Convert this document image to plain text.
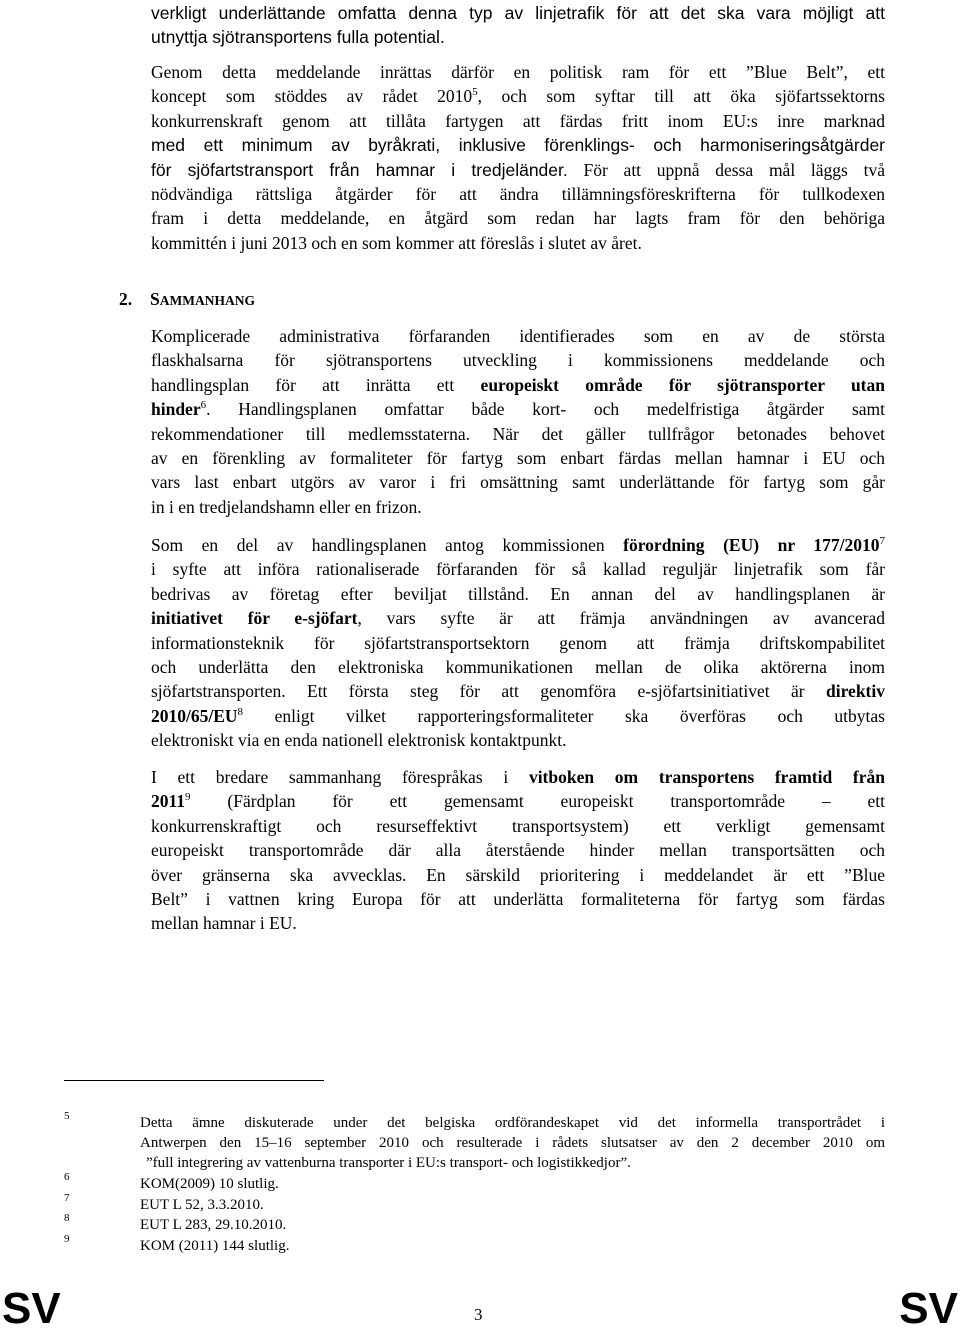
verkligt underlättande omfatta denna typ av linjetrafik för att det ska vara möjligt att
utnyttja sjötransportens fulla potential.
Genom detta meddelande inrättas därför en politisk ram för ett ”Blue Belt”, ett
koncept som stöddes av rådet 2010$^5$, och som syftar till att öka sjöfartssektorns
konkurrenskraft genom att tillåta fartygen att färdas fritt inom EU:s inre marknad
med ett minimum av byråkrati, inklusive förenklings- och harmoniseringsåtgärder
för sjöfartstransport från hamnar i tredjeländer. För att uppnå dessa mål läggs två
nödvändiga rättsliga åtgärder för att ändra tillämningsföreskrifterna för tullkodexen
fram i detta meddelande, en åtgärd som redan har lagts fram för den behöriga
kommittén i juni 2013 och en som kommer att föreslås i slutet av året.
2. SAMMANHANG
Komplicerade administrativa förfaranden identifierades som en av de största
flaskhalsarna för sjötransportens utveckling i kommissionens meddelande och
handlingsplan för att inrätta ett europeiskt område för sjötransporter utan
hinder$^6$. Handlingsplanen omfattar både kort- och medelfristiga åtgärder samt
rekommendationer till medlemsstaterna. När det gäller tullfrågor betonades behovet
av en förenkling av formaliteter för fartyg som enbart färdas mellan hamnar i EU och
vars last enbart utgörs av varor i fri omsättning samt underlättande för fartyg som går
in i en tredjelandshamn eller en frizon.
Som en del av handlingsplanen antog kommissionen förordning (EU) nr 177/2010$^7$
i syfte att införa rationaliserade förfaranden för så kallad reguljär linjetrafik som får
bedrivas av företag efter beviljat tillstånd. En annan del av handlingsplanen är
initiativet för e-sjöfart, vars syfte är att främja användningen av avancerad
informationsteknik för sjöfartstransportsektorn genom att främja driftskompabilitet
och underlätta den elektroniska kommunikationen mellan de olika aktörerna inom
sjöfartstransporten. Ett första steg för att genomföra e-sjöfartsinitiativet är direktiv
$2010/65/EU^8$ enligt vilket rapporteringsformaliteter ska överföras och utbytas
elektroniskt via en enda nationell elektronisk kontaktpunkt.
I ett bredare sammanhang förespråkas i vitboken om transportens framtid från
2011$^9$ (Färdplan för ett gemensamt europeiskt transportområde – ett
konkurrenskraftigt och resurseffektivt transportsystem) ett verkligt gemensamt
europeiskt transportområde där alla återstående hinder mellan transportsätten och
över gränserna ska avvecklas. En särskild prioritering i meddelandet är ett ”Blue
Belt” i vattnen kring Europa för att underlätta formaliteterna för fartyg som färdas
mellan hamnar i EU.
5	Detta ämne diskuterade under det belgiska ordförandeskapet vid det informella transportrådet i
Antwerpen den 15–16 september 2010 och resulterade i rådets slutsatser av den 2 december 2010 om
”full integrering av vattenburna transporter i EU:s transport- och logistikkedjor”.
6	KOM(2009) 10 slutlig.
7	EUT L 52, 3.3.2010.
8	EUT L 283, 29.10.2010.
9	KOM (2011) 144 slutlig.
SV	3	SV
